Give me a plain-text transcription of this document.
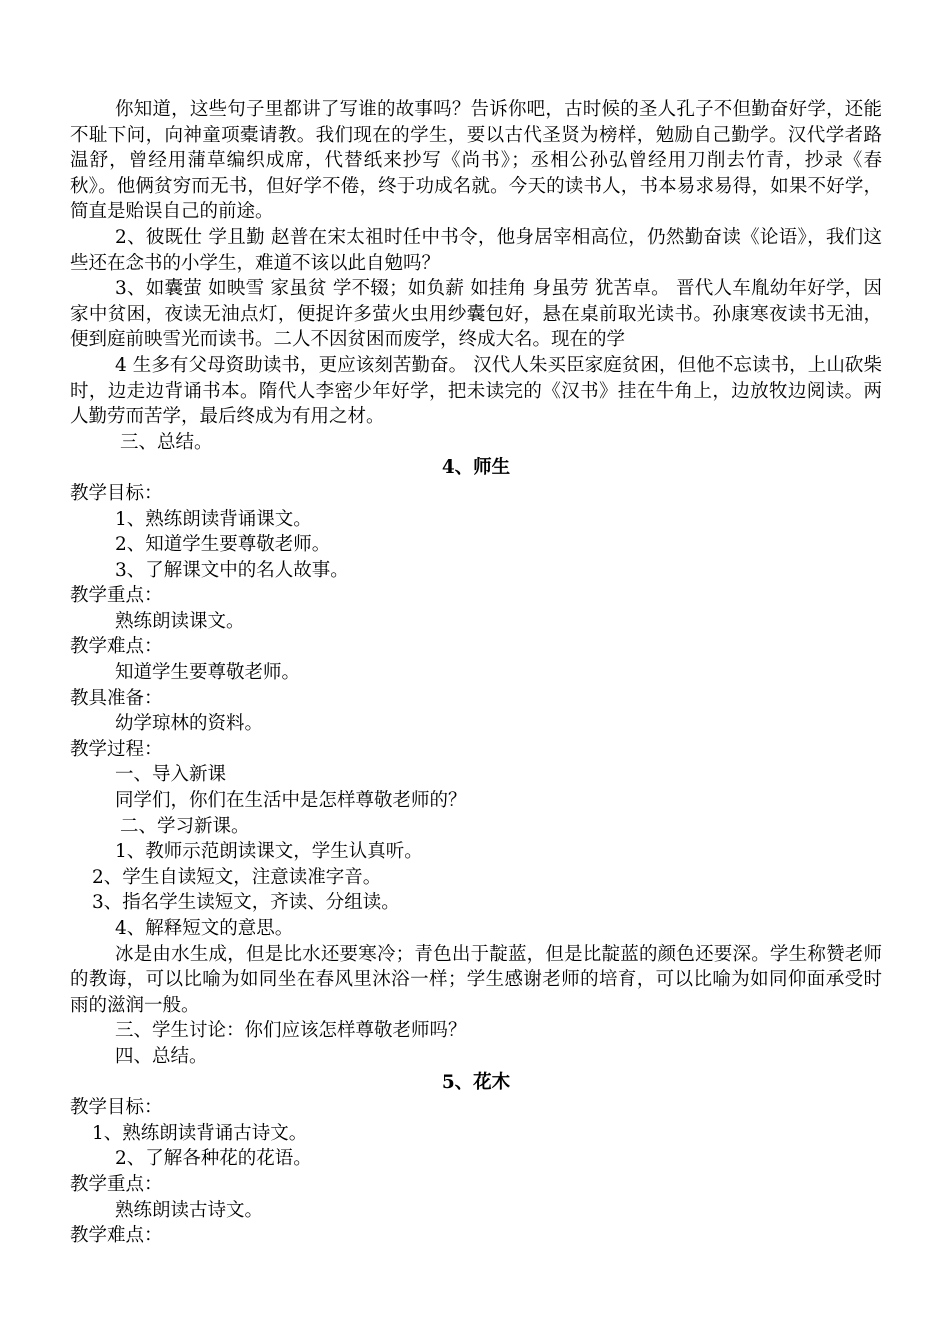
你知道，这些句子里都讲了写谁的故事吗？告诉你吧，古时候的圣人孔子不但勤奋好学，还能不耻下问，向神童项橐请教。我们现在的学生，要以古代圣贤为榜样，勉励自己勤学。汉代学者路温舒，曾经用蒲草编织成席，代替纸来抄写《尚书》；丞相公孙弘曾经用刀削去竹青，抄录《春秋》。他俩贫穷而无书，但好学不倦，终于功成名就。今天的读书人，书本易求易得，如果不好学，简直是贻误自己的前途。

2、彼既仕 学且勤 赵普在宋太祖时任中书令，他身居宰相高位，仍然勤奋读《论语》，我们这些还在念书的小学生，难道不该以此自勉吗？

3、如囊萤 如映雪 家虽贫 学不辍；如负薪 如挂角 身虽劳 犹苦卓。 晋代人车胤幼年好学，因家中贫困，夜读无油点灯，便捉许多萤火虫用纱囊包好，悬在桌前取光读书。孙康寒夜读书无油，便到庭前映雪光而读书。二人不因贫困而废学，终成大名。现在的学

4 生多有父母资助读书，更应该刻苦勤奋。 汉代人朱买臣家庭贫困，但他不忘读书，上山砍柴时，边走边背诵书本。隋代人李密少年好学，把未读完的《汉书》挂在牛角上，边放牧边阅读。两人勤劳而苦学，最后终成为有用之材。

三、总结。

4、师生

教学目标：

1、熟练朗读背诵课文。

2、知道学生要尊敬老师。

3、了解课文中的名人故事。

教学重点：

熟练朗读课文。

教学难点：

知道学生要尊敬老师。

教具准备：

幼学琼林的资料。

教学过程：

一、导入新课

同学们，你们在生活中是怎样尊敬老师的？

二、学习新课。

1、教师示范朗读课文，学生认真听。

2、学生自读短文，注意读准字音。

3、指名学生读短文，齐读、分组读。

4、解释短文的意思。

冰是由水生成，但是比水还要寒冷；青色出于靛蓝，但是比靛蓝的颜色还要深。学生称赞老师的教诲，可以比喻为如同坐在春风里沐浴一样；学生感谢老师的培育，可以比喻为如同仰面承受时雨的滋润一般。

三、学生讨论：你们应该怎样尊敬老师吗？

四、总结。

5、花木

教学目标：

1、熟练朗读背诵古诗文。

2、了解各种花的花语。

教学重点：

熟练朗读古诗文。

教学难点：
